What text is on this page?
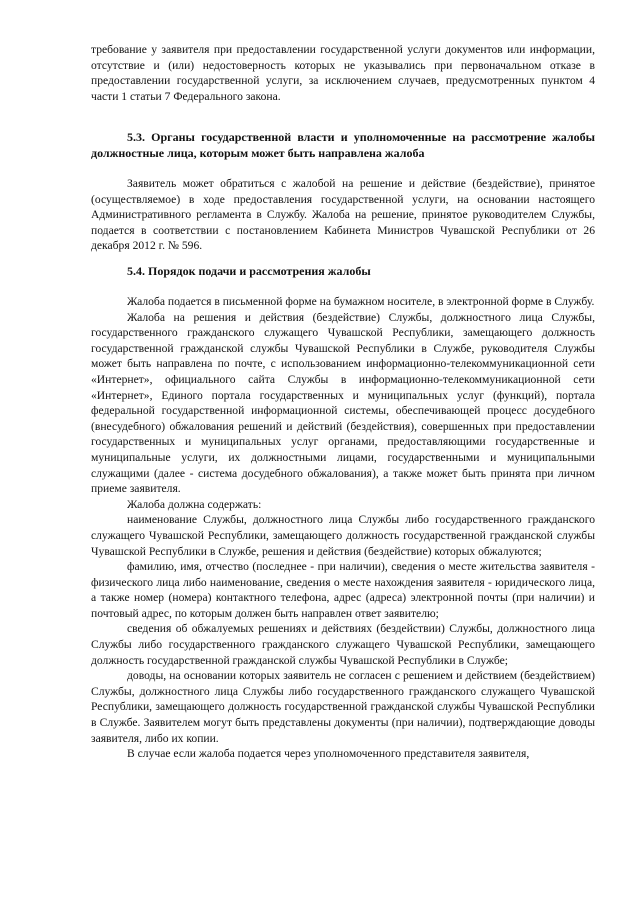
требование у заявителя при предоставлении государственной услуги документов или информации, отсутствие и (или) недостоверность которых не указывались при первоначальном отказе в предоставлении государственной услуги, за исключением случаев, предусмотренных пунктом 4 части 1 статьи 7 Федерального закона.

5.3. Органы государственной власти и уполномоченные на рассмотрение жалобы должностные лица, которым может быть направлена жалоба

Заявитель может обратиться с жалобой на решение и действие (бездействие), принятое (осуществляемое) в ходе предоставления государственной услуги, на основании настоящего Административного регламента в Службу. Жалоба на решение, принятое руководителем Службы, подается в соответствии с постановлением Кабинета Министров Чувашской Республики от 26 декабря 2012 г. № 596.

5.4. Порядок подачи и рассмотрения жалобы

Жалоба подается в письменной форме на бумажном носителе, в электронной форме в Службу.

Жалоба на решения и действия (бездействие) Службы, должностного лица Службы, государственного гражданского служащего Чувашской Республики, замещающего должность государственной гражданской службы Чувашской Республики в Службе, руководителя Службы может быть направлена по почте, с использованием информационно-телекоммуникационной сети «Интернет», официального сайта Службы в информационно-телекоммуникационной сети «Интернет», Единого портала государственных и муниципальных услуг (функций), портала федеральной государственной информационной системы, обеспечивающей процесс досудебного (внесудебного) обжалования решений и действий (бездействия), совершенных при предоставлении государственных и муниципальных услуг органами, предоставляющими государственные и муниципальные услуги, их должностными лицами, государственными и муниципальными служащими (далее - система досудебного обжалования), а также может быть принята при личном приеме заявителя.

Жалоба должна содержать:

наименование Службы, должностного лица Службы либо государственного гражданского служащего Чувашской Республики, замещающего должность государственной гражданской службы Чувашской Республики в Службе, решения и действия (бездействие) которых обжалуются;

фамилию, имя, отчество (последнее - при наличии), сведения о месте жительства заявителя - физического лица либо наименование, сведения о месте нахождения заявителя - юридического лица, а также номер (номера) контактного телефона, адрес (адреса) электронной почты (при наличии) и почтовый адрес, по которым должен быть направлен ответ заявителю;

сведения об обжалуемых решениях и действиях (бездействии) Службы, должностного лица Службы либо государственного гражданского служащего Чувашской Республики, замещающего должность государственной гражданской службы Чувашской Республики в Службе;

доводы, на основании которых заявитель не согласен с решением и действием (бездействием) Службы, должностного лица Службы либо государственного гражданского служащего Чувашской Республики, замещающего должность государственной гражданской службы Чувашской Республики в Службе. Заявителем могут быть представлены документы (при наличии), подтверждающие доводы заявителя, либо их копии.

В случае если жалоба подается через уполномоченного представителя заявителя,
